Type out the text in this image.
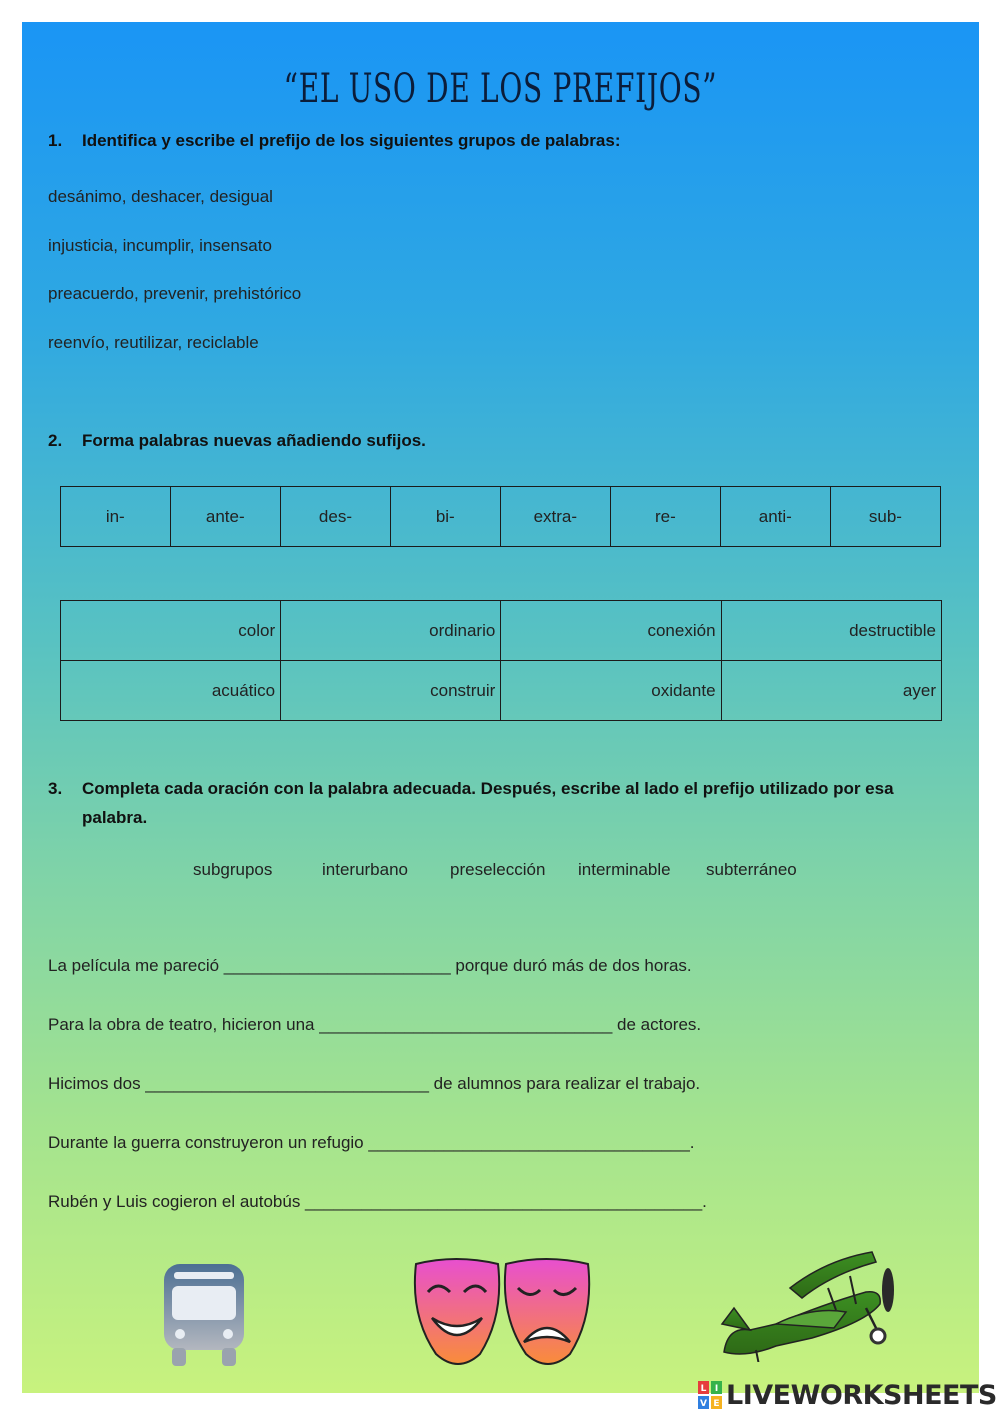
“EL USO DE LOS PREFIJOS”
1.	Identifica y escribe el prefijo de los siguientes grupos de palabras:
desánimo, deshacer, desigual
injusticia, incumplir, insensato
preacuerdo, prevenir, prehistórico
reenvío, reutilizar, reciclable
2.	Forma palabras nuevas añadiendo sufijos.
in-	ante-	des-	bi-	extra-	re-	anti-	sub-
color	ordinario	conexión	destructible
acuático	construir	oxidante	ayer
3.	Completa cada oración con la palabra adecuada. Después, escribe al lado el prefijo utilizado por esa
palabra.
subgrupos	interurbano preselección interminable subterráneo
La película me pareció ________________________ porque duró más de dos horas.
Para la obra de teatro, hicieron una _______________________________ de actores.
Hicimos dos ______________________________ de alumnos para realizar el trabajo.
Durante la guerra construyeron un refugio __________________________________.
Rubén y Luis cogieron el autobús __________________________________________.
L I
V E LIVEWORKSHEETS
